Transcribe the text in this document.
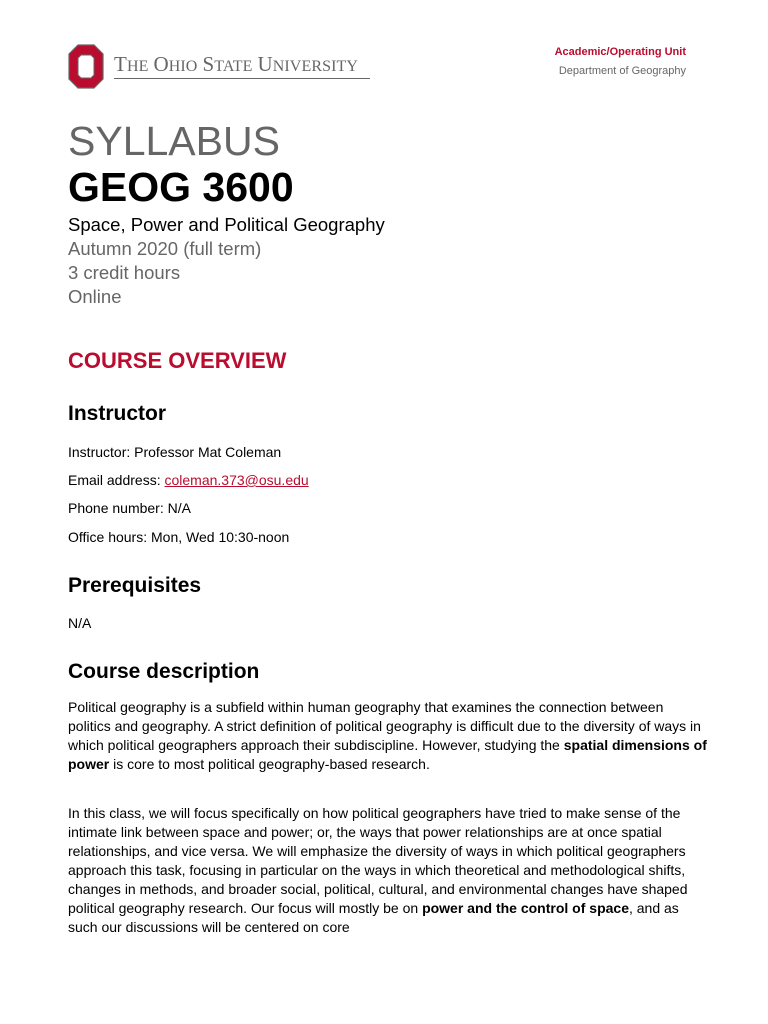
THE OHIO STATE UNIVERSITY
Academic/Operating Unit
Department of Geography
SYLLABUS
GEOG 3600
Space, Power and Political Geography
Autumn 2020 (full term)
3 credit hours
Online
COURSE OVERVIEW
Instructor
Instructor: Professor Mat Coleman
Email address: coleman.373@osu.edu
Phone number: N/A
Office hours: Mon, Wed 10:30-noon
Prerequisites
N/A
Course description
Political geography is a subfield within human geography that examines the connection between politics and geography. A strict definition of political geography is difficult due to the diversity of ways in which political geographers approach their subdiscipline. However, studying the spatial dimensions of power is core to most political geography-based research.
In this class, we will focus specifically on how political geographers have tried to make sense of the intimate link between space and power; or, the ways that power relationships are at once spatial relationships, and vice versa. We will emphasize the diversity of ways in which political geographers approach this task, focusing in particular on the ways in which theoretical and methodological shifts, changes in methods, and broader social, political, cultural, and environmental changes have shaped political geography research. Our focus will mostly be on power and the control of space, and as such our discussions will be centered on core
